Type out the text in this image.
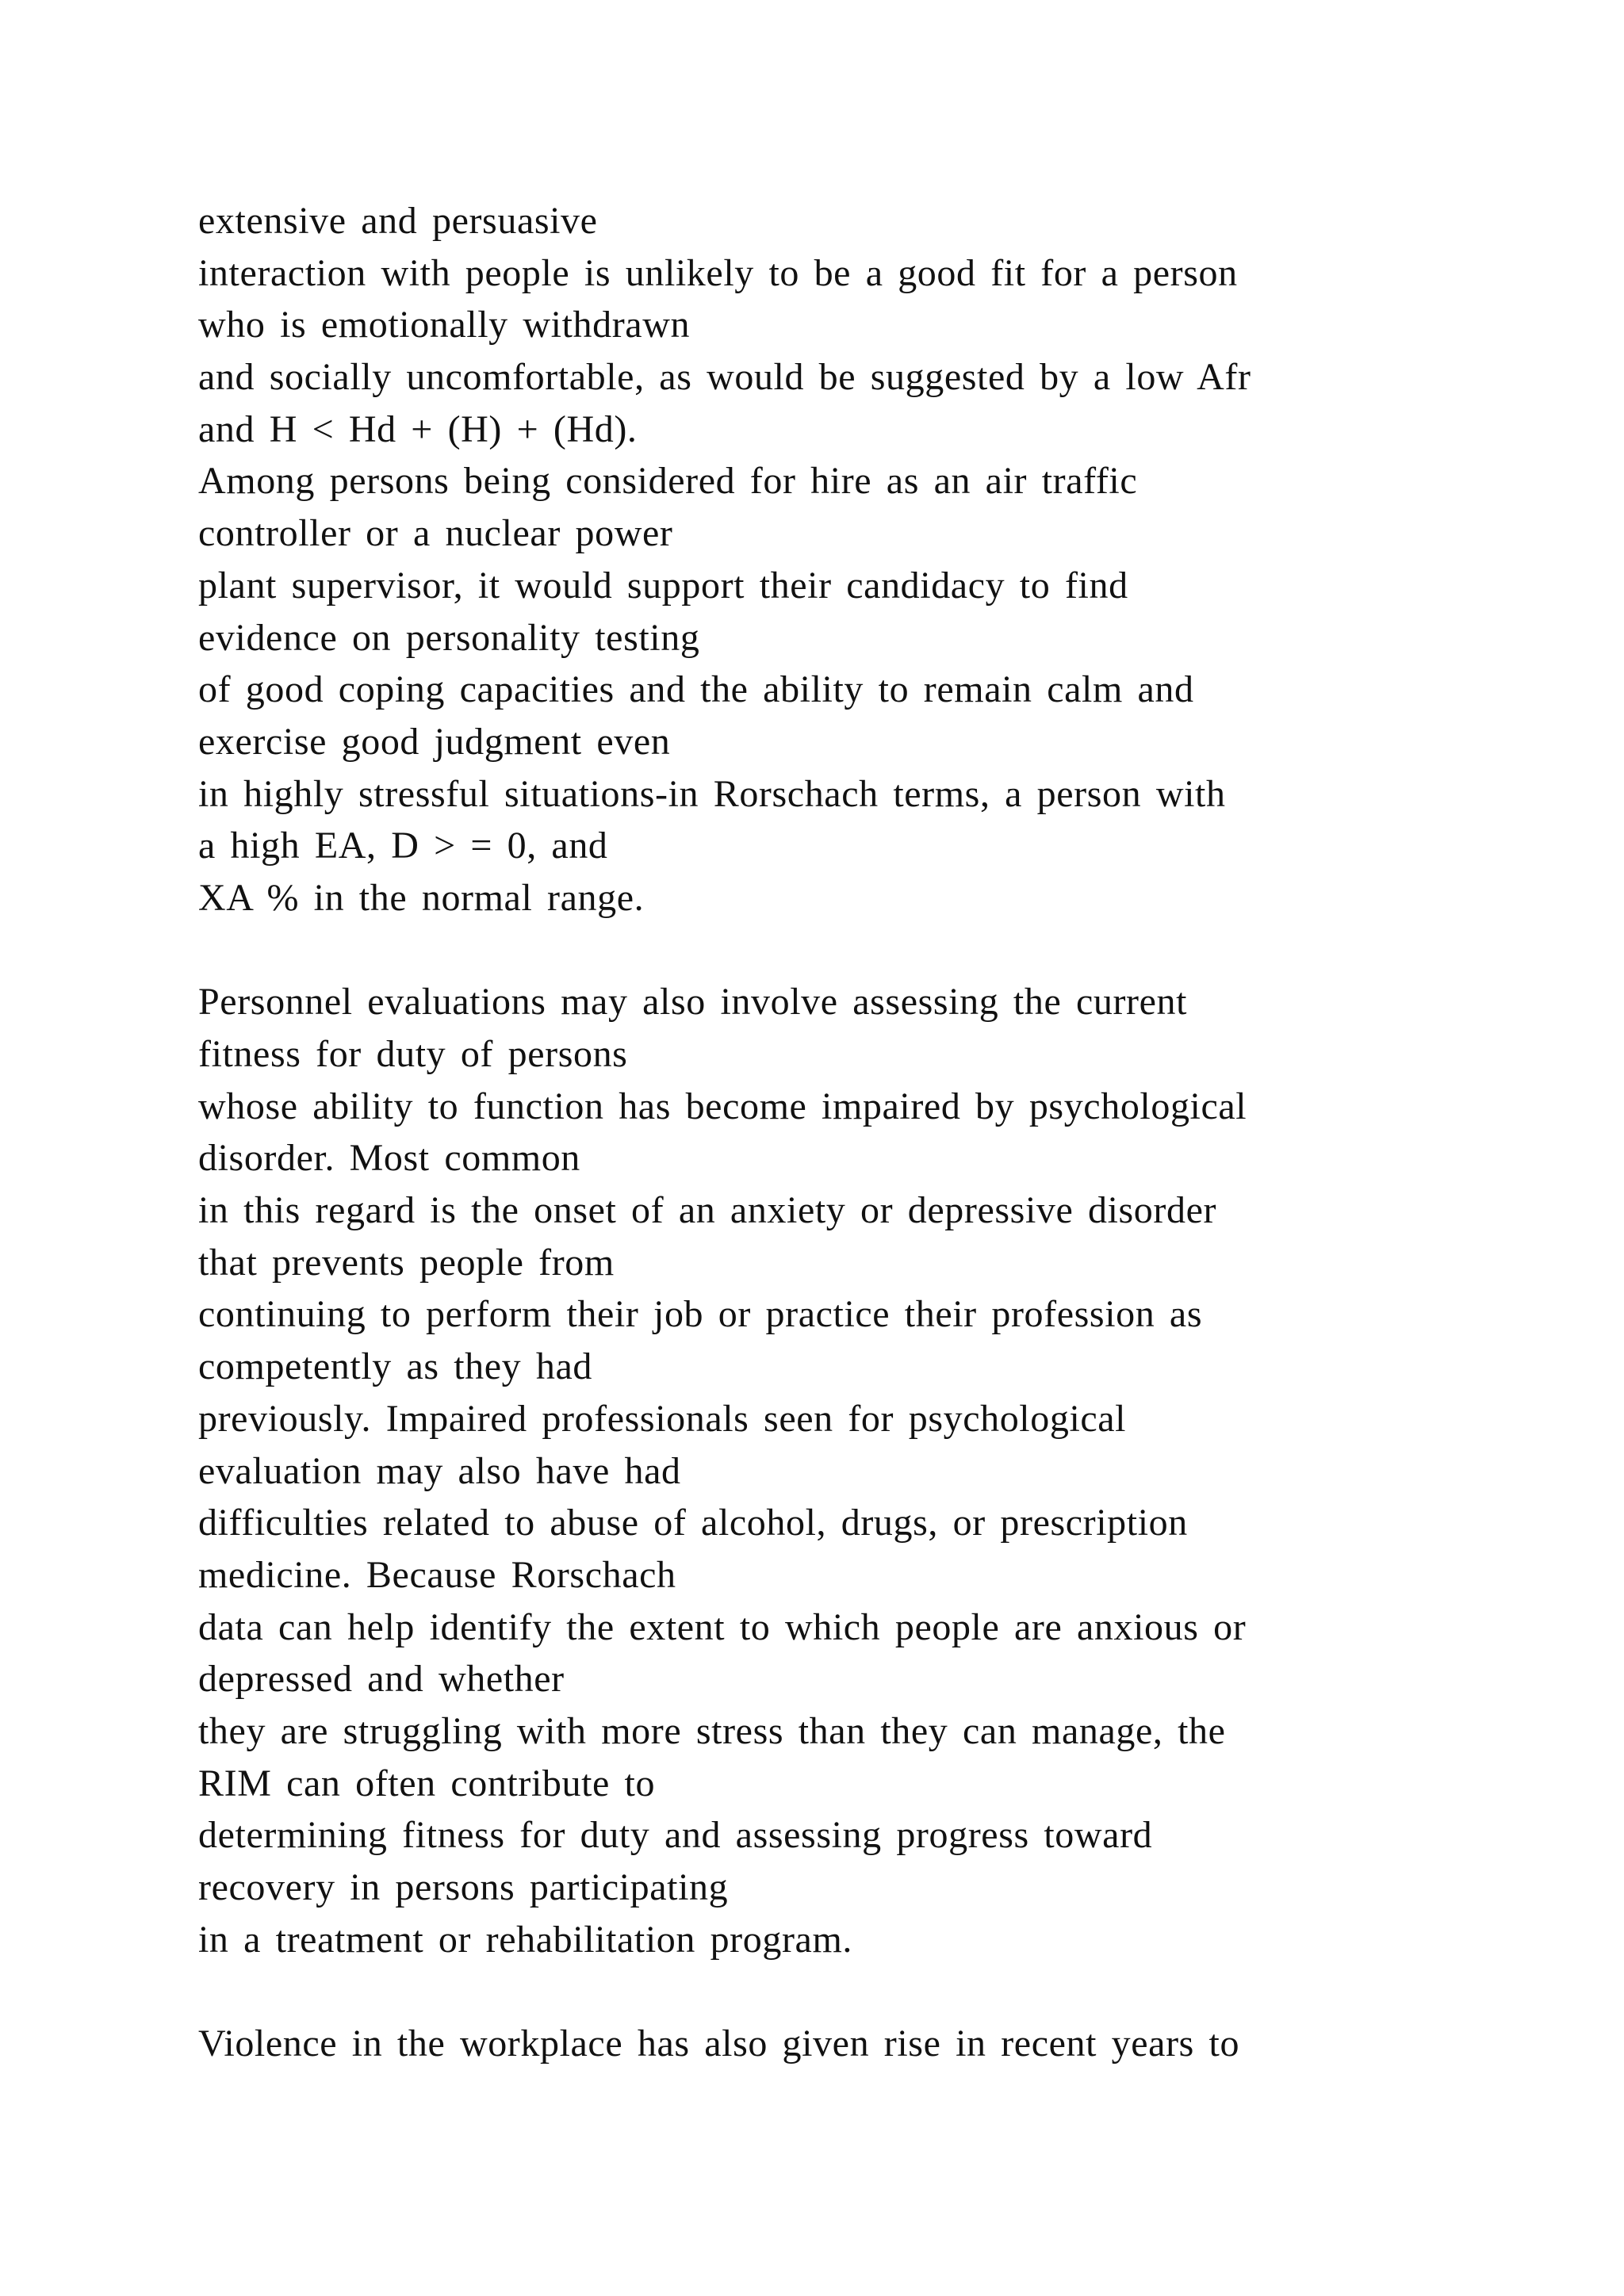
extensive and persuasive
interaction with people is unlikely to be a good fit for a person
who is emotionally withdrawn
and socially uncomfortable, as would be suggested by a low Afr
and H < Hd + (H) + (Hd).
Among persons being considered for hire as an air traffic
controller or a nuclear power
plant supervisor, it would support their candidacy to find
evidence on personality testing
of good coping capacities and the ability to remain calm and
exercise good judgment even
in highly stressful situations-in Rorschach terms, a person with
a high EA, D > = 0, and
XA % in the normal range.
Personnel evaluations may also involve assessing the current
fitness for duty of persons
whose ability to function has become impaired by psychological
disorder. Most common
in this regard is the onset of an anxiety or depressive disorder
that prevents people from
continuing to perform their job or practice their profession as
competently as they had
previously. Impaired professionals seen for psychological
evaluation may also have had
difficulties related to abuse of alcohol, drugs, or prescription
medicine. Because Rorschach
data can help identify the extent to which people are anxious or
depressed and whether
they are struggling with more stress than they can manage, the
RIM can often contribute to
determining fitness for duty and assessing progress toward
recovery in persons participating
in a treatment or rehabilitation program.
Violence in the workplace has also given rise in recent years to
